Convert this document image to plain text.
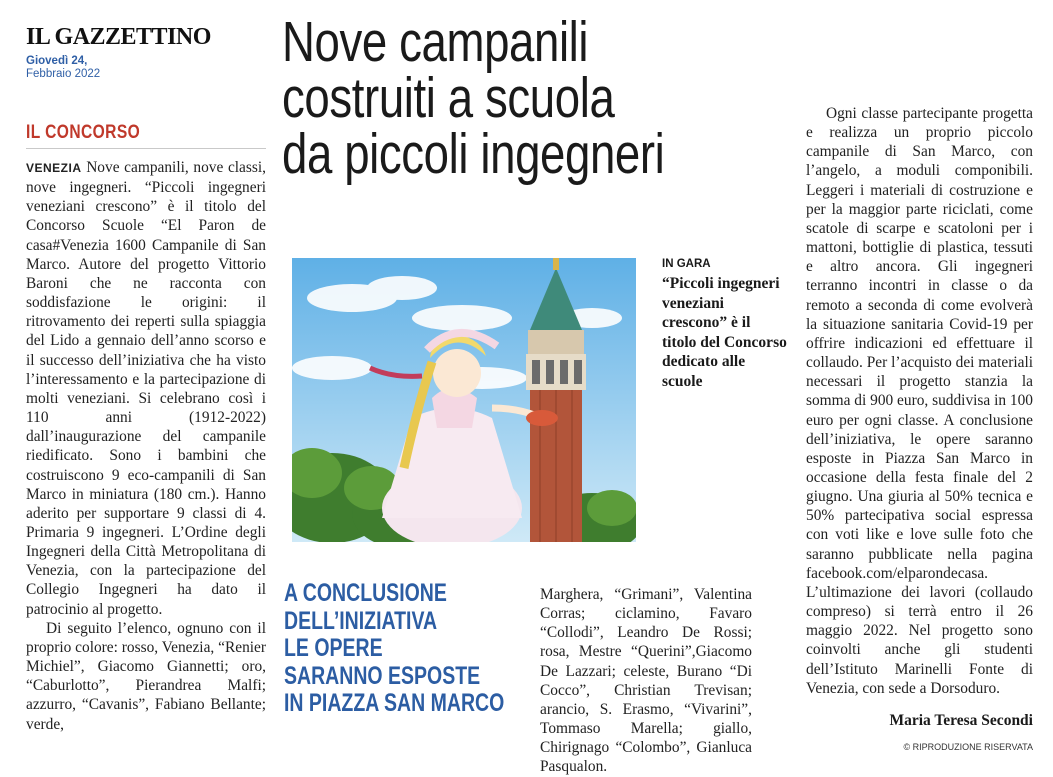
IL GAZZETTINO
Giovedì 24,
Febbraio 2022
IL CONCORSO
Nove campanili
costruiti a scuola
da piccoli ingegneri

VENEZIA Nove campanili, nove classi, nove ingegneri. “Piccoli ingegneri veneziani crescono” è il titolo del Concorso Scuole “El Paron de casa#Venezia 1600 Campanile di San Marco. Autore del progetto Vittorio Baroni che ne racconta con soddisfazione le origini: il ritrovamento dei reperti sulla spiaggia del Lido a gennaio dell’anno scorso e il successo dell’iniziativa che ha visto l’interessamento e la partecipazione di molti veneziani. Si celebrano così i 110 anni (1912-2022) dall’inaugurazione del campanile riedificato. Sono i bambini che costruiscono 9 eco-campanili di San Marco in miniatura (180 cm.). Hanno aderito per supportare 9 classi di 4. Primaria 9 ingegneri. L’Ordine degli Ingegneri della Città Metropolitana di Venezia, con la partecipazione del Collegio Ingegneri ha dato il patrocinio al progetto.

Di seguito l’elenco, ognuno con il proprio colore: rosso, Venezia, “Renier Michiel”, Giacomo Giannetti; oro, “Caburlotto”, Pierandrea Malfi; azzurro, “Cavanis”, Fabiano Bellante; verde,

IN GARA
“Piccoli ingegneri veneziani crescono” è il titolo del Concorso dedicato alle scuole
A CONCLUSIONE
DELL’INIZIATIVA
LE OPERE
SARANNO ESPOSTE
IN PIAZZA SAN MARCO

Marghera, “Grimani”, Valentina Corras; ciclamino, Favaro “Collodi”, Leandro De Rossi; rosa, Mestre “Querini”,Giacomo De Lazzari; celeste, Burano “Di Cocco”, Christian Trevisan; arancio, S. Erasmo, “Vivarini”, Tommaso Marella; giallo, Chirignago “Colombo”, Gianluca Pasqualon.

Ogni classe partecipante progetta e realizza un proprio piccolo campanile di San Marco, con l’angelo, a moduli componibili. Leggeri i materiali di costruzione e per la maggior parte riciclati, come scatole di scarpe e scatoloni per i mattoni, bottiglie di plastica, tessuti e altro ancora. Gli ingegneri terranno incontri in classe o da remoto a seconda di come evolverà la situazione sanitaria Covid-19 per offrire indicazioni ed effettuare il collaudo. Per l’acquisto dei materiali necessari il progetto stanzia la somma di 900 euro, suddivisa in 100 euro per ogni classe. A conclusione dell’iniziativa, le opere saranno esposte in Piazza San Marco in occasione della festa finale del 2 giugno. Una giuria al 50% tecnica e 50% partecipativa social espressa con voti like e love sulle foto che saranno pubblicate nella pagina facebook.com/elparondecasa. L’ultimazione dei lavori (collaudo compreso) si terrà entro il 26 maggio 2022. Nel progetto sono coinvolti anche gli studenti dell’Istituto Marinelli Fonte di Venezia, con sede a Dorsoduro.

Maria Teresa Secondi
© RIPRODUZIONE RISERVATA
